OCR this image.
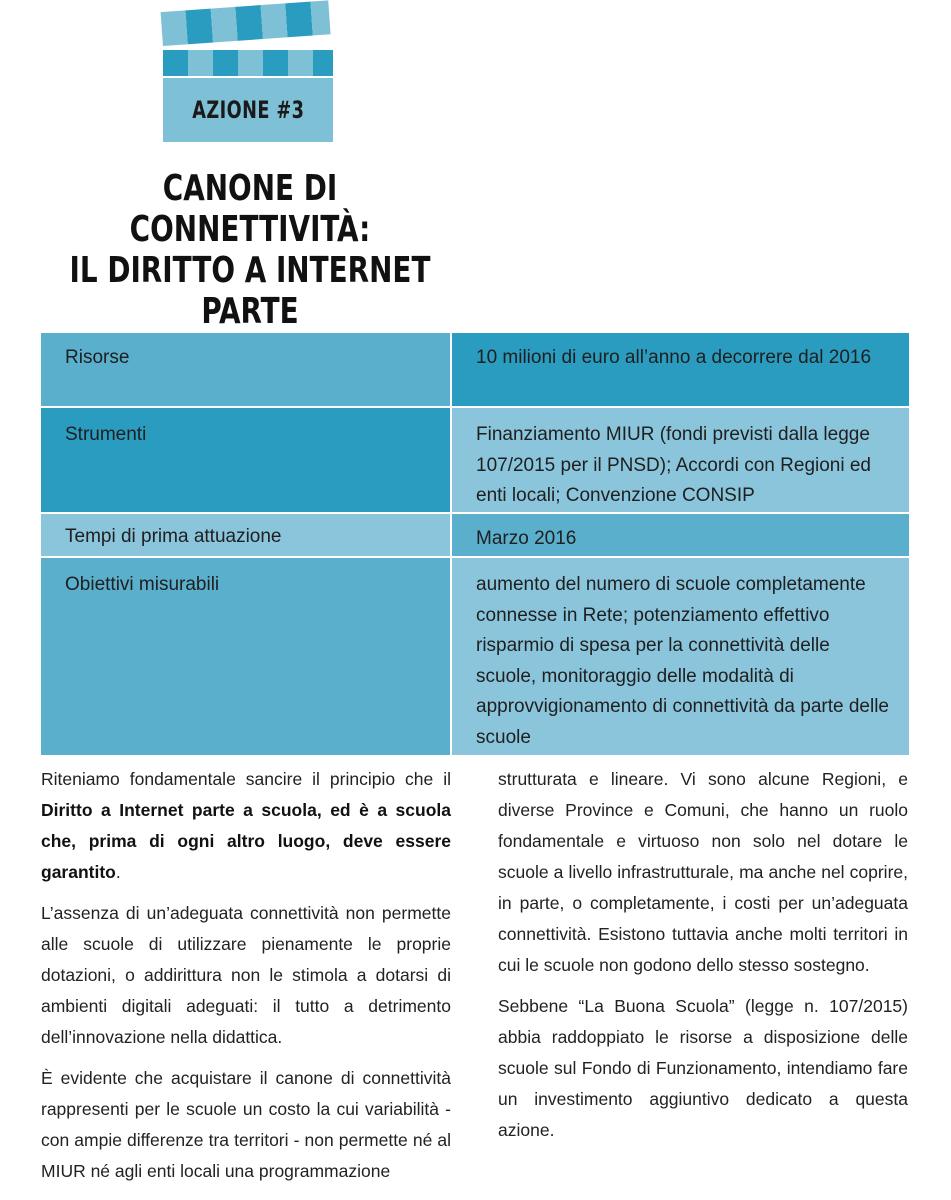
AZIONE #3
CANONE DI CONNETTIVITÀ:
IL DIRITTO A INTERNET PARTE
Risorse	10 milioni di euro all’anno a decorrere dal 2016

Strumenti	Finanziamento MIUR (fondi previsti dalla legge 107/2015 per il PNSD); Accordi con Regioni ed enti locali; Convenzione CONSIP

Tempi di prima attuazione	Marzo 2016

Obiettivi misurabili	aumento del numero di scuole completamente connesse in Rete; potenziamento effettivo risparmio di spesa per la connettività delle scuole, monitoraggio delle modalità di approvvigionamento di connettività da parte delle scuole

Riteniamo fondamentale sancire il principio che il Diritto a Internet parte a scuola, ed è a scuola che, prima di ogni altro luogo, deve essere garantito.

L’assenza di un’adeguata connettività non permette alle scuole di utilizzare pienamente le proprie dotazioni, o addirittura non le stimola a dotarsi di ambienti digitali adeguati: il tutto a detrimento dell’innovazione nella didattica.

È evidente che acquistare il canone di connettività rappresenti per le scuole un costo la cui variabilità - con ampie differenze tra territori - non permette né al MIUR né agli enti locali una programmazione

strutturata e lineare. Vi sono alcune Regioni, e diverse Province e Comuni, che hanno un ruolo fondamentale e virtuoso non solo nel dotare le scuole a livello infrastrutturale, ma anche nel coprire, in parte, o completamente, i costi per un’adeguata connettività. Esistono tuttavia anche molti territori in cui le scuole non godono dello stesso sostegno.

Sebbene “La Buona Scuola” (legge n. 107/2015) abbia raddoppiato le risorse a disposizione delle scuole sul Fondo di Funzionamento, intendiamo fare un investimento aggiuntivo dedicato a questa azione.
